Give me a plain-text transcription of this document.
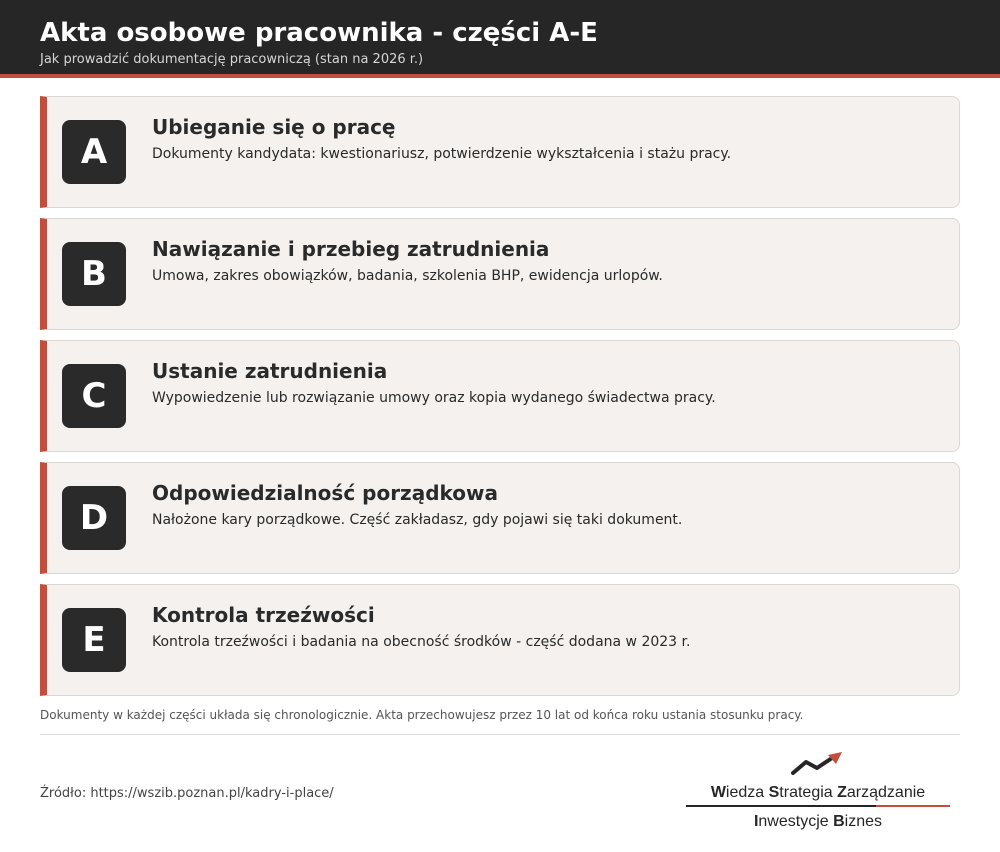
Akta osobowe pracownika - części A-E
Jak prowadzić dokumentację pracowniczą (stan na 2026 r.)
A
Ubieganie się o pracę
Dokumenty kandydata: kwestionariusz, potwierdzenie wykształcenia i stażu pracy.
B
Nawiązanie i przebieg zatrudnienia
Umowa, zakres obowiązków, badania, szkolenia BHP, ewidencja urlopów.
C
Ustanie zatrudnienia
Wypowiedzenie lub rozwiązanie umowy oraz kopia wydanego świadectwa pracy.
D
Odpowiedzialność porządkowa
Nałożone kary porządkowe. Część zakładasz, gdy pojawi się taki dokument.
E
Kontrola trzeźwości
Kontrola trzeźwości i badania na obecność środków - część dodana w 2023 r.
Dokumenty w każdej części układa się chronologicznie. Akta przechowujesz przez 10 lat od końca roku ustania stosunku pracy.
Źródło: https://wszib.poznan.pl/kadry-i-place/	Wiedza Strategia Zarządzanie
Inwestycje Biznes
